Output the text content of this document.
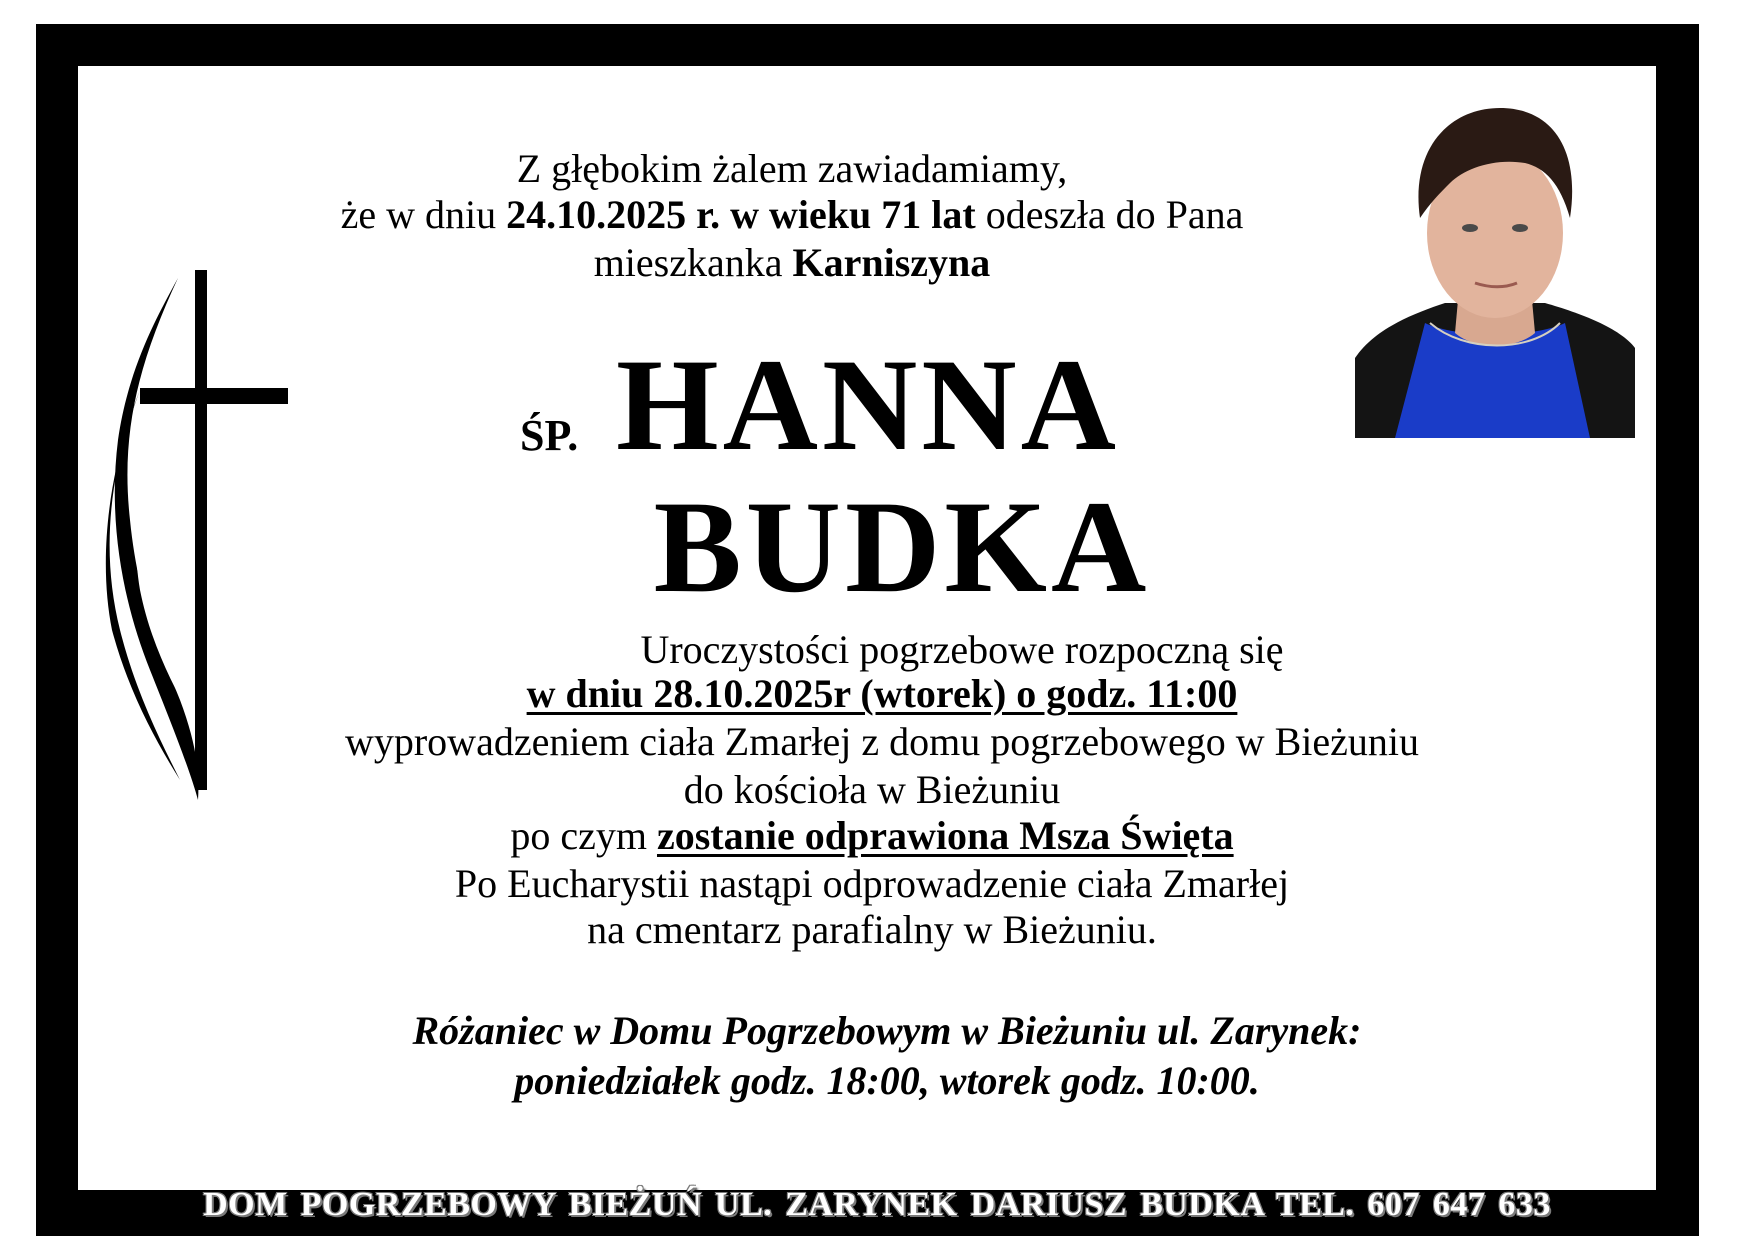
Z głębokim żalem zawiadamiamy,
że w dniu 24.10.2025 r. w wieku 71 lat odeszła do Pana
mieszkanka Karniszyna
ŚP. HANNA
BUDKA
Uroczystości pogrzebowe rozpoczną się
w dniu 28.10.2025r (wtorek) o godz. 11:00
wyprowadzeniem ciała Zmarłej z domu pogrzebowego w Bieżuniu
do kościoła w Bieżuniu
po czym zostanie odprawiona Msza Święta
Po Eucharystii nastąpi odprowadzenie ciała Zmarłej
na cmentarz parafialny w Bieżuniu.
Różaniec w Domu Pogrzebowym w Bieżuniu ul. Zarynek:
poniedziałek godz. 18:00, wtorek godz. 10:00.
DOM POGRZEBOWY BIEŻUŃ UL. ZARYNEK DARIUSZ BUDKA TEL. 607 647 633
